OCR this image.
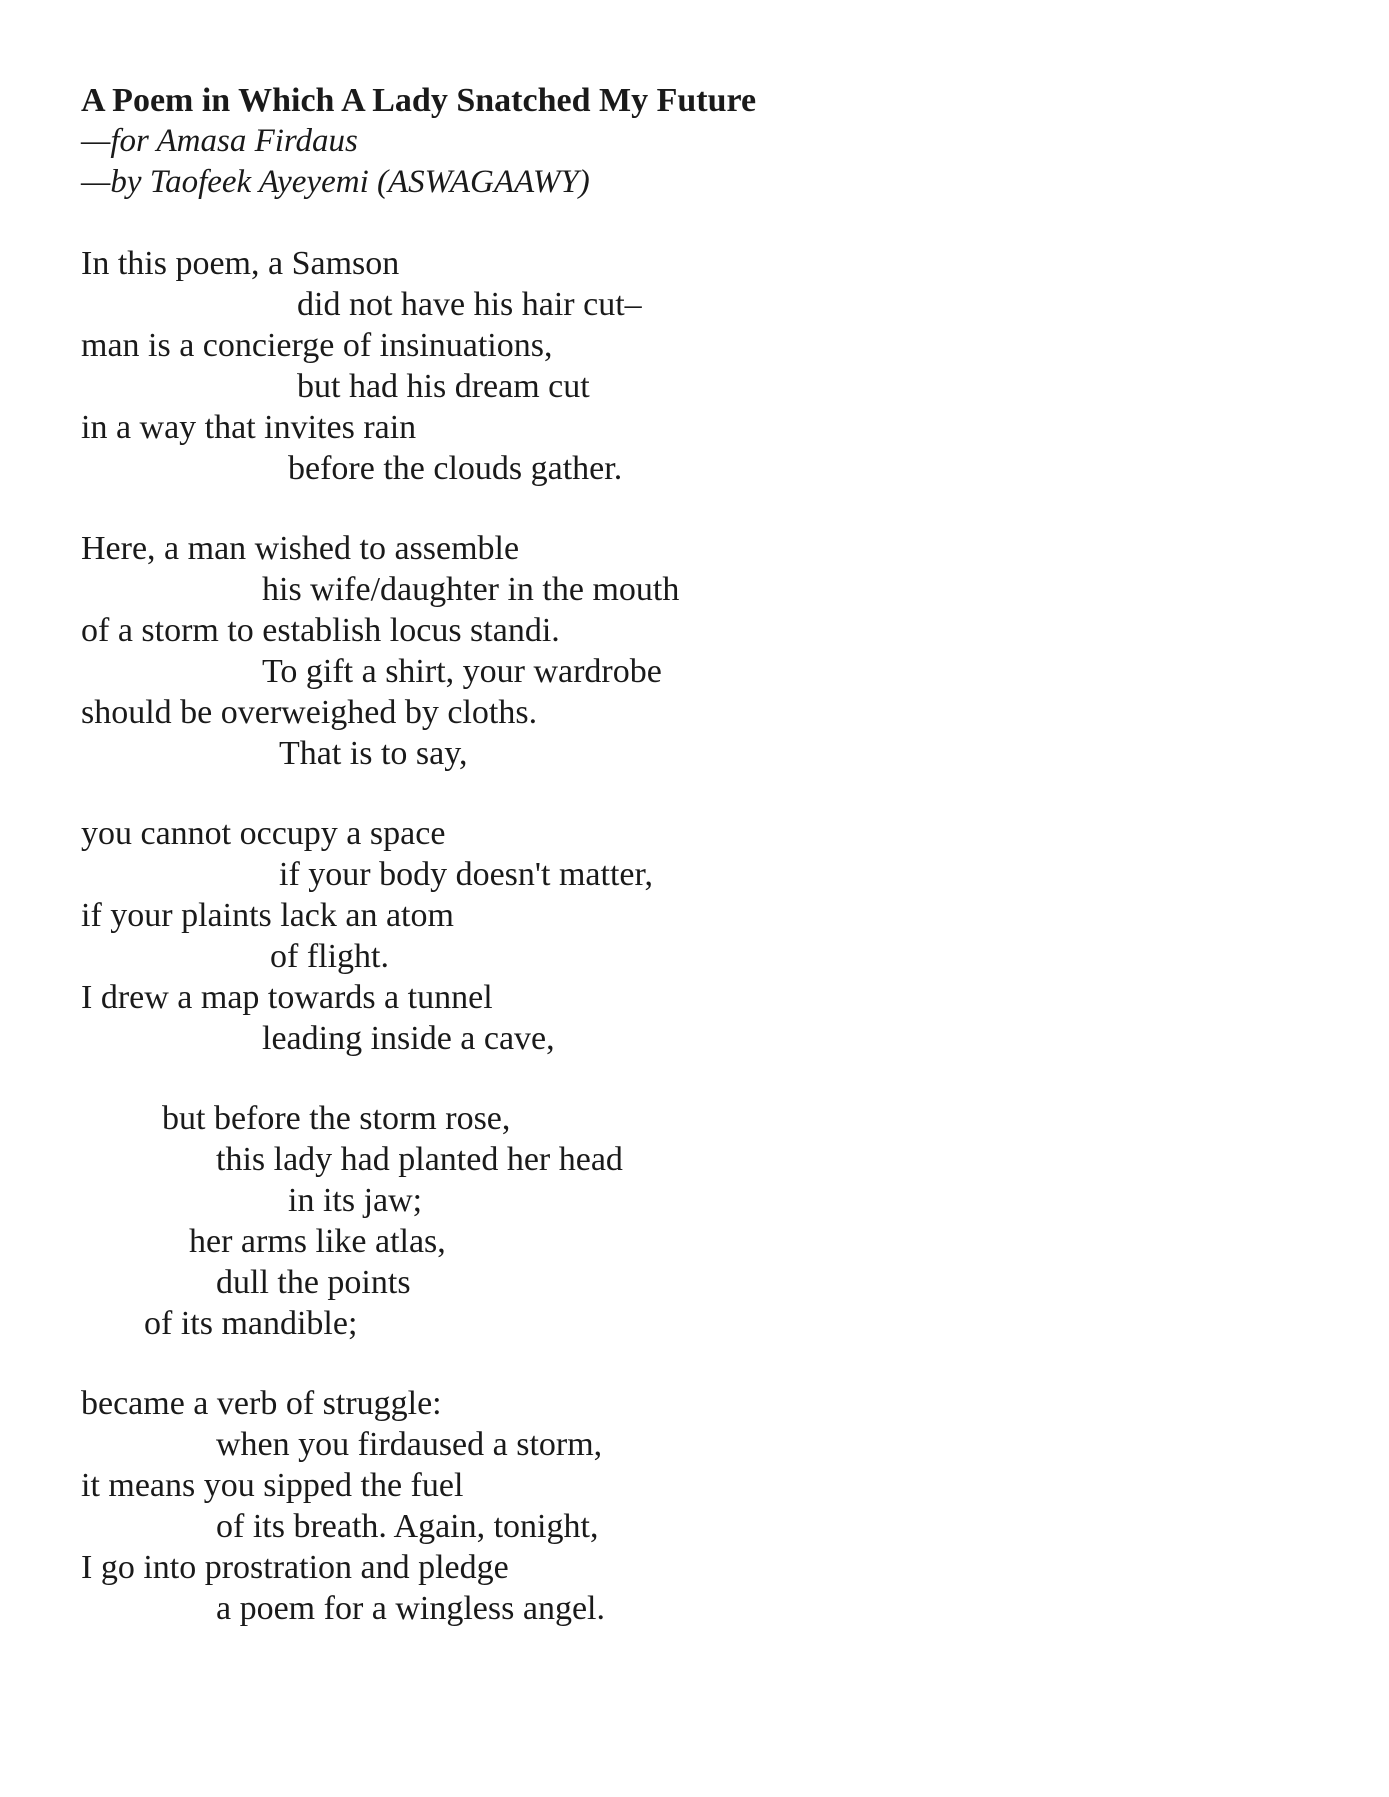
A Poem in Which A Lady Snatched My Future
—for Amasa Firdaus
—by Taofeek Ayeyemi (ASWAGAAWY)
In this poem, a Samson
did not have his hair cut–
man is a concierge of insinuations,
but had his dream cut
in a way that invites rain
before the clouds gather.
Here, a man wished to assemble
his wife/daughter in the mouth
of a storm to establish locus standi.
To gift a shirt, your wardrobe
should be overweighed by cloths.
That is to say,
you cannot occupy a space
if your body doesn't matter,
if your plaints lack an atom
of flight.
I drew a map towards a tunnel
leading inside a cave,
but before the storm rose,
this lady had planted her head
in its jaw;
her arms like atlas,
dull the points
of its mandible;
became a verb of struggle:
when you firdaused a storm,
it means you sipped the fuel
of its breath. Again, tonight,
I go into prostration and pledge
a poem for a wingless angel.
